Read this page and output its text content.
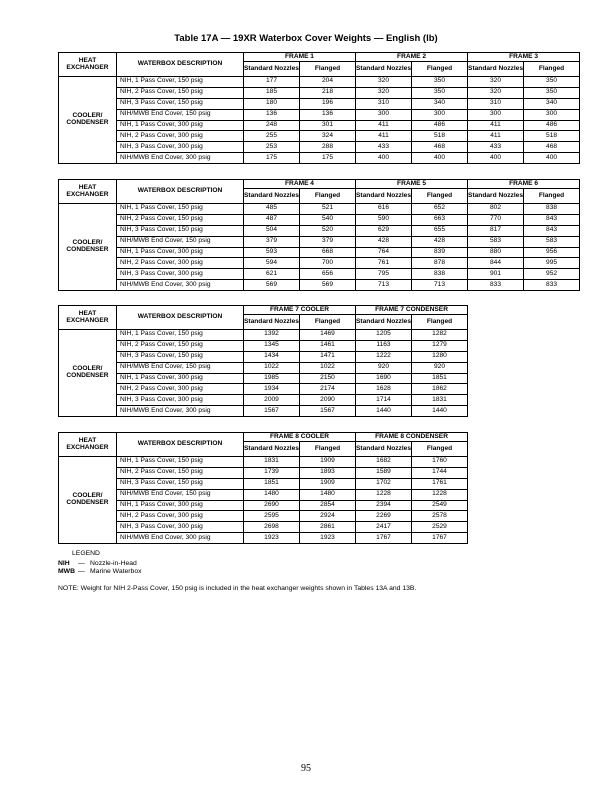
Table 17A — 19XR Waterbox Cover Weights — English (lb)
HEAT EXCHANGER	WATERBOX DESCRIPTION	FRAME 1		FRAME 2		FRAME 3	
		Standard Nozzles	Flanged	Standard Nozzles	Flanged	Standard Nozzles	Flanged
COOLER/ CONDENSER	NIH, 1 Pass Cover, 150 psig	177	204	320	350	320	350
	NIH, 2 Pass Cover, 150 psig	185	218	320	350	320	350
	NIH, 3 Pass Cover, 150 psig	180	196	310	340	310	340
	NIH/MWB End Cover, 150 psig	136	136	300	300	300	300
	NIH, 1 Pass Cover, 300 psig	248	301	411	486	411	486
	NIH, 2 Pass Cover, 300 psig	255	324	411	518	411	518
	NIH, 3 Pass Cover, 300 psig	253	288	433	468	433	468
	NIH/MWB End Cover, 300 psig	175	175	400	400	400	400
HEAT EXCHANGER	WATERBOX DESCRIPTION	FRAME 4		FRAME 5		FRAME 6	
		Standard Nozzles	Flanged	Standard Nozzles	Flanged	Standard Nozzles	Flanged
COOLER/ CONDENSER	NIH, 1 Pass Cover, 150 psig	485	521	616	652	802	838
	NIH, 2 Pass Cover, 150 psig	487	540	590	663	770	843
	NIH, 3 Pass Cover, 150 psig	504	520	629	655	817	843
	NIH/MWB End Cover, 150 psig	379	379	428	428	583	583
	NIH, 1 Pass Cover, 300 psig	593	668	764	839	880	956
	NIH, 2 Pass Cover, 300 psig	594	700	761	878	844	995
	NIH, 3 Pass Cover, 300 psig	621	656	795	838	901	952
	NIH/MWB End Cover, 300 psig	569	569	713	713	833	833
HEAT EXCHANGER	WATERBOX DESCRIPTION	FRAME 7 COOLER		FRAME 7 CONDENSER	
		Standard Nozzles	Flanged	Standard Nozzles	Flanged
COOLER/ CONDENSER	NIH, 1 Pass Cover, 150 psig	1392	1469	1205	1282
	NIH, 2 Pass Cover, 150 psig	1345	1461	1163	1279
	NIH, 3 Pass Cover, 150 psig	1434	1471	1222	1280
	NIH/MWB End Cover, 150 psig	1022	1022	920	920
	NIH, 1 Pass Cover, 300 psig	1985	2150	1690	1851
	NIH, 2 Pass Cover, 300 psig	1934	2174	1628	1862
	NIH, 3 Pass Cover, 300 psig	2009	2090	1714	1831
	NIH/MWB End Cover, 300 psig	1567	1567	1440	1440
HEAT EXCHANGER	WATERBOX DESCRIPTION	FRAME 8 COOLER		FRAME 8 CONDENSER	
		Standard Nozzles	Flanged	Standard Nozzles	Flanged
COOLER/ CONDENSER	NIH, 1 Pass Cover, 150 psig	1831	1909	1682	1760
	NIH, 2 Pass Cover, 150 psig	1739	1893	1589	1744
	NIH, 3 Pass Cover, 150 psig	1851	1909	1702	1761
	NIH/MWB End Cover, 150 psig	1480	1480	1228	1228
	NIH, 1 Pass Cover, 300 psig	2690	2854	2394	2549
	NIH, 2 Pass Cover, 300 psig	2595	2924	2269	2578
	NIH, 3 Pass Cover, 300 psig	2698	2861	2417	2529
	NIH/MWB End Cover, 300 psig	1923	1923	1767	1767
LEGEND
NIH	— Nozzle-in-Head
MWB — Marine Waterbox
NOTE: Weight for NIH 2-Pass Cover, 150 psig is included in the heat exchanger weights shown in Tables 13A and 13B.
95
